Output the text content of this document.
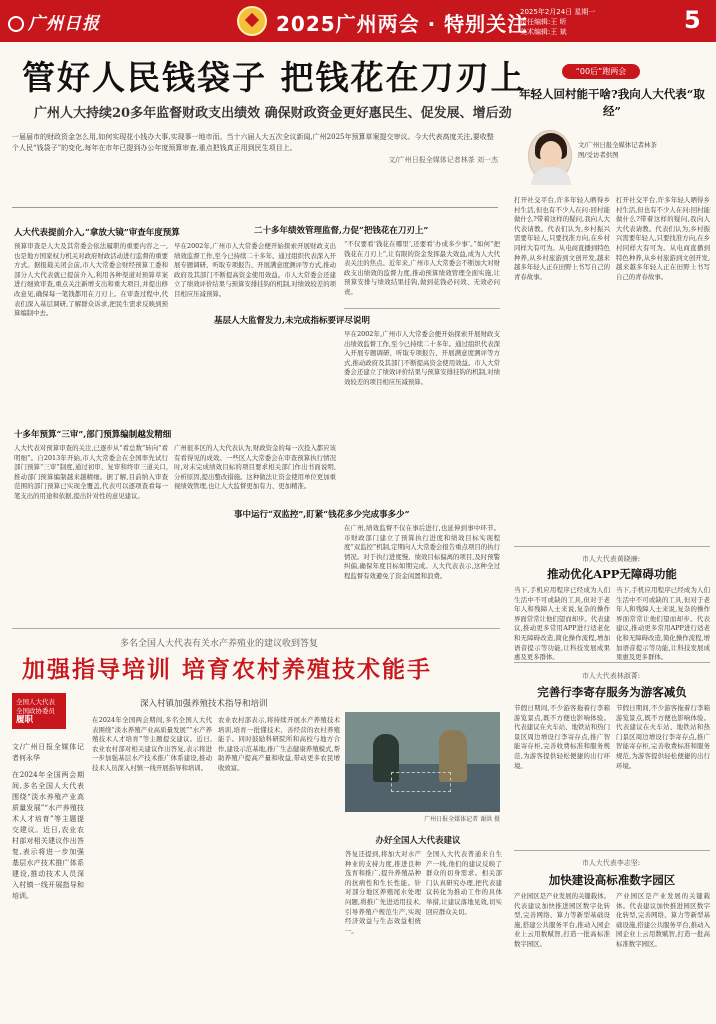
广州日报	2025广州两会 · 特别关注
2025年2月24日 星期一
责任编辑:王 昕
美术编辑:王 斌	5
管好人民钱袋子 把钱花在刀刃上
广州人大持续20多年监督财政支出绩效 确保财政资金更好惠民生、促发展、增后劲
一届届市的财政资金怎么用,如何实现花小钱办大事,实现事一地市而。当十六届人大五次全议新闻,广州2025年预算草案提交审议。今大代表高度关注,要收整个人民“钱袋子”的变化,每年在市年已提到办公年度预算审查,重点把钱真正用到民生项目上。
文/广州日报全媒体记者林茶 刘一杰
人大代表提前介入,“拿放大镜”审查年度预算
预算审查是人大及其常委会依法履职的重要内容之一,也是地方国家权力机关对政府财政活动进行监督的重要方式。据报载关闭会前,市人大常委会财经预算工委和部分人大代表就已提前介入,利用各种渠道对预算草案进行细致审查,重点关注新增支出和重大项目,并提出修改意见,确保每一笔钱都用在刀刃上。在审查过程中,代表们深入基层调研,了解群众诉求,把民生需求反映到预算编制中去。
早在2002年,广州市人大常委会便开始探索开展财政支出绩效监督工作,至今已持续二十多年。通过组织代表深入开展专题调研、听取专项报告、开展满意度测评等方式,推动政府及其部门不断提高资金使用效益。市人大常委会还建立了绩效评价结果与预算安排挂钩的机制,对绩效较差的项目相应压减预算。
十多年预算“三审”,部门预算编制越发精细
人大代表对预算审查的关注,已逐步从“看总数”转向“看明细”。自2013年开始,市人大常委会在全国率先试行部门预算“三审”制度,通过初审、复审和终审三道关口,推动部门预算编制越来越精细。据了解,目前纳入审查范围的部门预算已实现全覆盖,代表可以逐项查看每一笔支出的用途和依据,提出针对性的意见建议。
广州很多区的人大代表认为,财政资金的每一次投入都应该有看得见的成效。一些区人大常委会在审查预算执行情况时,对未完成绩效目标的项目要求相关部门作出书面说明,分析原因,提出整改措施。这种做法让资金使用单位更加重视绩效管理,也让人大监督更加有力、更加精准。
二十多年绩效管理监督,力促“把钱花在刀刃上”
“不仅要看‘钱花在哪里’,还要看‘办成多少事’。”如何“把钱花在刀刃上”,让有限的资金发挥最大效益,成为人大代表关注的焦点。近年来,广州市人大常委会不断加大对财政支出绩效的监督力度,推动预算绩效管理全面实施,让预算安排与绩效结果挂钩,做到花钱必问效、无效必问责。
基层人大监督发力,未完成指标要评尽说明
早在2002年,广州市人大常委会便开始探索开展财政支出绩效监督工作,至今已持续二十多年。通过组织代表深入开展专题调研、听取专项报告、开展满意度测评等方式,推动政府及其部门不断提高资金使用效益。市人大常委会还建立了绩效评价结果与预算安排挂钩的机制,对绩效较差的项目相应压减预算。
事中运行“双监控”,盯紧“钱花多少完成事多少”
在广州,绩效监督不仅在事后进行,也延伸到事中环节。市财政部门建立了预算执行进度和绩效目标实现程度“双监控”机制,定期向人大常委会报告重点项目的执行情况。对于执行进度慢、绩效目标偏离的项目,及时预警纠偏,确保年度目标如期完成。人大代表表示,这种全过程监督有效避免了资金闲置和浪费。
“00后”跑两会
年轻人回村能干啥?我向人大代表“取经”
文/广州日报全媒体记者林茶
图/受访者供图
打开社交平台,许多年轻人晒得乡村生活,但也有不少人在问:回村能做什么?带着这样的疑问,我向人大代表请教。代表们认为,乡村振兴需要年轻人,只要找准方向,在乡村同样大有可为。从电商直播到特色种养,从乡村旅游到文创开发,越来越多年轻人正在田野上书写自己的青春故事。
打开社交平台,许多年轻人晒得乡村生活,但也有不少人在问:回村能做什么?带着这样的疑问,我向人大代表请教。代表们认为,乡村振兴需要年轻人,只要找准方向,在乡村同样大有可为。从电商直播到特色种养,从乡村旅游到文创开发,越来越多年轻人正在田野上书写自己的青春故事。
市人大代表黄晓廉:
推动优化APP无障碍功能
当下,手机应用程序已经成为人们生活中不可或缺的工具,但对于老年人和残障人士来说,复杂的操作界面常常让他们望而却步。代表建议,推动更多常用APP进行适老化和无障碍改造,简化操作流程,增加语音提示等功能,让科技发展成果惠及更多群体。
当下,手机应用程序已经成为人们生活中不可或缺的工具,但对于老年人和残障人士来说,复杂的操作界面常常让他们望而却步。代表建议,推动更多常用APP进行适老化和无障碍改造,简化操作流程,增加语音提示等功能,让科技发展成果惠及更多群体。
市人大代表林淑菁:
完善行李寄存服务为游客减负
节假日期间,不少游客拖着行李箱游览景点,既不方便也影响体验。代表建议在火车站、地铁站和热门景区周边增设行李寄存点,推广智能寄存柜,完善收费标准和服务规范,为游客提供轻松便捷的出行环境。
节假日期间,不少游客拖着行李箱游览景点,既不方便也影响体验。代表建议在火车站、地铁站和热门景区周边增设行李寄存点,推广智能寄存柜,完善收费标准和服务规范,为游客提供轻松便捷的出行环境。
市人大代表李志坚:
加快建设高标准数字园区
产业园区是产业发展的关键载体。代表建议加快推进园区数字化转型,完善网络、算力等新型基础设施,搭建公共服务平台,推动入园企业上云用数赋智,打造一批高标准数字园区。
产业园区是产业发展的关键载体。代表建议加快推进园区数字化转型,完善网络、算力等新型基础设施,搭建公共服务平台,推动入园企业上云用数赋智,打造一批高标准数字园区。
多名全国人大代表有关水产养殖业的建议收到答复
加强指导培训 培育农村养殖技术能手
全国人大代表
全国政协委员
履职
深入村镇加强养殖技术指导和培训
文/广州日报全媒体记者何永华
在2024年全国两会期间,多名全国人大代表围绕“淡水养殖产业高质量发展”“水产养殖技术人才培育”等主题提交建议。近日,农业农村部对相关建议作出答复,表示将进一步加强基层水产技术推广体系建设,推动技术人员深入村镇一线开展指导和培训。
在2024年全国两会期间,多名全国人大代表围绕“淡水养殖产业高质量发展”“水产养殖技术人才培育”等主题提交建议。近日,农业农村部对相关建议作出答复,表示将进一步加强基层水产技术推广体系建设,推动技术人员深入村镇一线开展指导和培训。
农业农村部表示,将持续开展水产养殖技术培训,培育一批懂技术、善经营的农村养殖能手。同时鼓励科研院所和高校与地方合作,建设示范基地,推广生态健康养殖模式,帮助养殖户提高产量和收益,带动更多农民增收致富。
广州日报全媒体记者 谢洪 摄
办好全国人大代表建议
答复还提到,将加大对水产种业的支持力度,推进良种选育和推广,提升养殖品种的抗病性和生长性能。针对部分地区养殖尾水处理问题,将推广先进适用技术,引导养殖户规范生产,实现经济效益与生态效益相统一。
全国人大代表普通来自生产一线,他们的建议反映了群众的切身需求。相关部门认真研究办理,把代表建议转化为推动工作的具体举措,让建议落地见效,切实回应群众关切。
